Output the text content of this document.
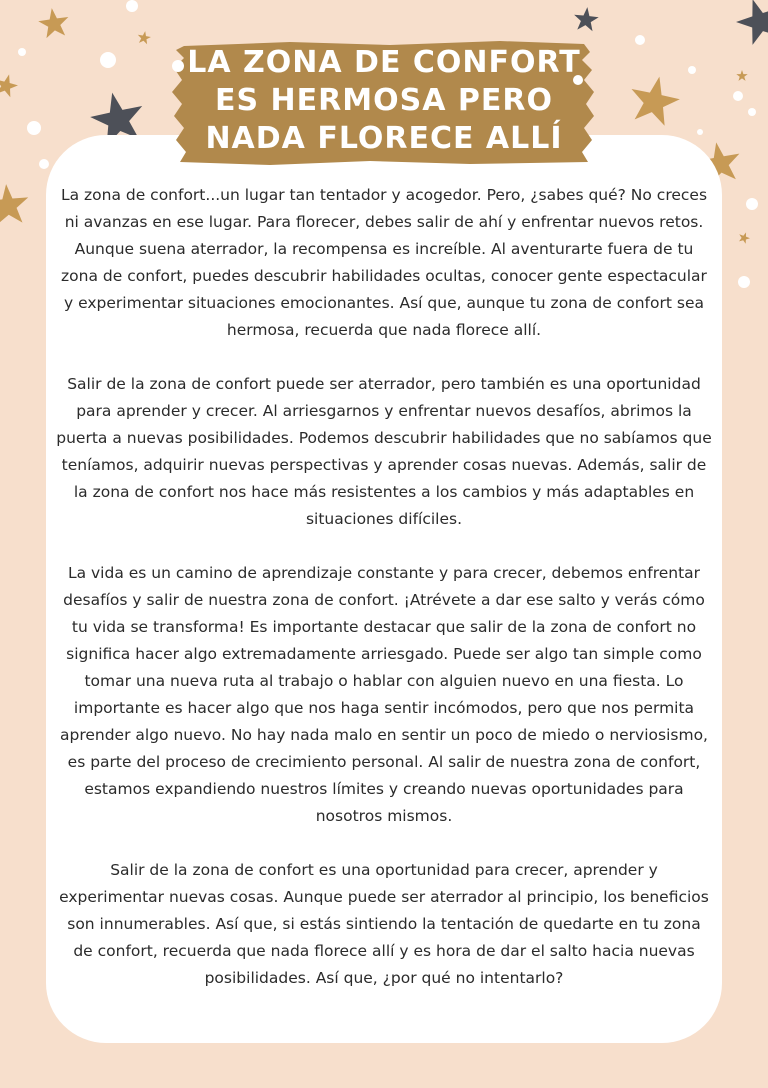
LA ZONA DE CONFORT ES HERMOSA PERO NADA FLORECE ALLÍ

La zona de confort...un lugar tan tentador y acogedor. Pero, ¿sabes qué? No creces ni avanzas en ese lugar. Para florecer, debes salir de ahí y enfrentar nuevos retos. Aunque suena aterrador, la recompensa es increíble. Al aventurarte fuera de tu zona de confort, puedes descubrir habilidades ocultas, conocer gente espectacular y experimentar situaciones emocionantes. Así que, aunque tu zona de confort sea hermosa, recuerda que nada florece allí.

Salir de la zona de confort puede ser aterrador, pero también es una oportunidad para aprender y crecer. Al arriesgarnos y enfrentar nuevos desafíos, abrimos la puerta a nuevas posibilidades. Podemos descubrir habilidades que no sabíamos que teníamos, adquirir nuevas perspectivas y aprender cosas nuevas. Además, salir de la zona de confort nos hace más resistentes a los cambios y más adaptables en situaciones difíciles.

La vida es un camino de aprendizaje constante y para crecer, debemos enfrentar desafíos y salir de nuestra zona de confort. ¡Atrévete a dar ese salto y verás cómo tu vida se transforma! Es importante destacar que salir de la zona de confort no significa hacer algo extremadamente arriesgado. Puede ser algo tan simple como tomar una nueva ruta al trabajo o hablar con alguien nuevo en una fiesta. Lo importante es hacer algo que nos haga sentir incómodos, pero que nos permita aprender algo nuevo. No hay nada malo en sentir un poco de miedo o nerviosismo, es parte del proceso de crecimiento personal. Al salir de nuestra zona de confort, estamos expandiendo nuestros límites y creando nuevas oportunidades para nosotros mismos.

Salir de la zona de confort es una oportunidad para crecer, aprender y experimentar nuevas cosas. Aunque puede ser aterrador al principio, los beneficios son innumerables. Así que, si estás sintiendo la tentación de quedarte en tu zona de confort, recuerda que nada florece allí y es hora de dar el salto hacia nuevas posibilidades. Así que, ¿por qué no intentarlo?
